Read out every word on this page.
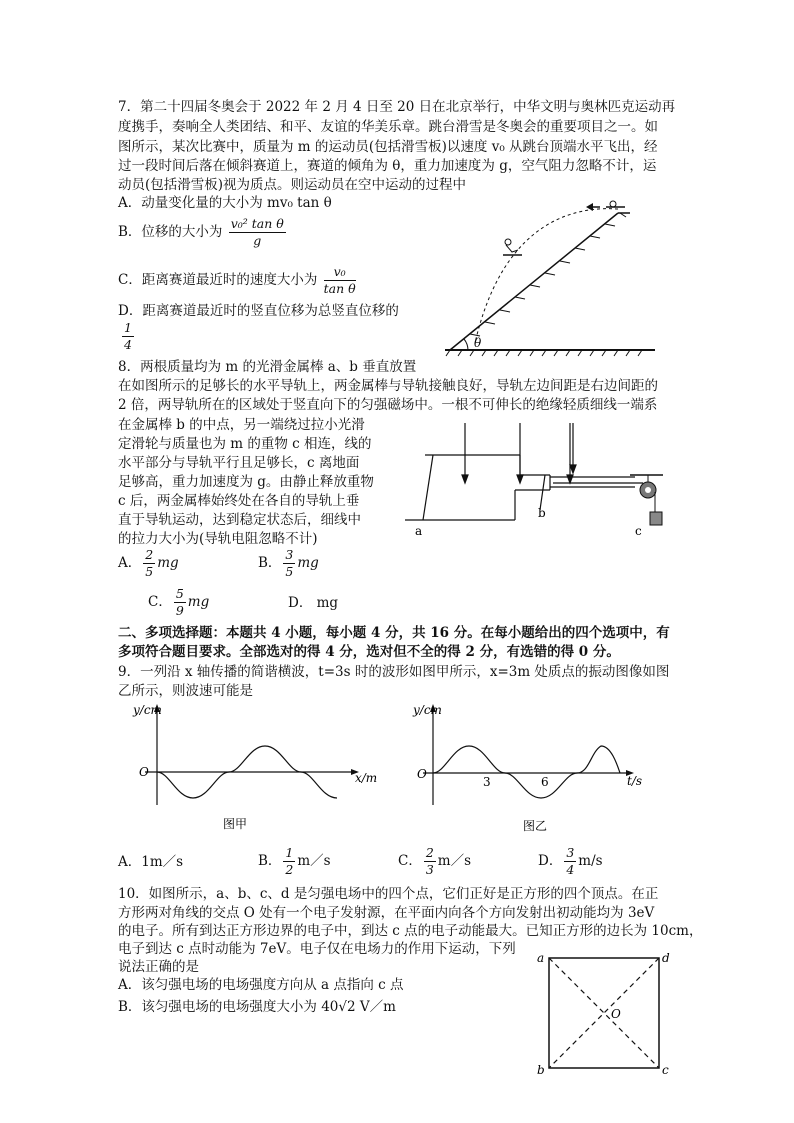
7．第二十四届冬奥会于 2022 年 2 月 4 日至 20 日在北京举行，中华文明与奥林匹克运动再
度携手，奏响全人类团结、和平、友谊的华美乐章。跳台滑雪是冬奥会的重要项目之一。如
图所示，某次比赛中，质量为 m 的运动员(包括滑雪板)以速度 v₀ 从跳台顶端水平飞出，经
过一段时间后落在倾斜赛道上，赛道的倾角为 θ，重力加速度为 g，空气阻力忽略不计，运
动员(包括滑雪板)视为质点。则运动员在空中运动的过程中
A．动量变化量的大小为 mv₀ tan θ
B．位移的大小为 $\frac{\text{v₀² tan θ}}{g}$
C．距离赛道最近时的速度大小为 $\frac{\text{v₀}}{\text{tan θ}}$
D．距离赛道最近时的竖直位移为总竖直位移的
$\frac{1}{4}$	θ
8．两根质量均为 m 的光滑金属棒 a、b 垂直放置
在如图所示的足够长的水平导轨上，两金属棒与导轨接触良好，导轨左边间距是右边间距的
2 倍，两导轨所在的区域处于竖直向下的匀强磁场中。一根不可伸长的绝缘轻质细线一端系
在金属棒 b 的中点，另一端绕过拉小光滑
定滑轮与质量也为 m 的重物 c 相连，线的
水平部分与导轨平行且足够长，c 离地面
足够高，重力加速度为 g。由静止释放重物
c 后，两金属棒始终处在各自的导轨上垂
直于导轨运动，达到稳定状态后，细线中
的拉力大小为(导轨电阻忽略不计)
A． $\frac{2}{5}$ mg	B． $\frac{3}{5}$ mg
C． $\frac{5}{9}$ mg	D． mg
a
b
c
二、多项选择题：本题共 4 小题，每小题 4 分，共 16 分。在每小题给出的四个选项中，有
多项符合题目要求。全部选对的得 4 分，选对但不全的得 2 分，有选错的得 0 分。
9．一列沿 x 轴传播的简谐横波，t=3s 时的波形如图甲所示，x=3m 处质点的振动图像如图
乙所示，则波速可能是
y/cm
x/m
O
图甲
y/cm
t/s
O
3	6
图乙
A．1m／s	B． $\frac{1}{2}$ m／s	C． $\frac{2}{3}$ m／s	D． $\frac{3}{4} m/s$
10．如图所示，a、b、c、d 是匀强电场中的四个点，它们正好是正方形的四个顶点。在正
方形两对角线的交点 O 处有一个电子发射源，在平面内向各个方向发射出初动能均为 3eV
的电子。所有到达正方形边界的电子中，到达 c 点的电子动能最大。已知正方形的边长为 10cm，
电子到达 c 点时动能为 7eV。电子仅在电场力的作用下运动，下列
说法正确的是
A．该匀强电场的电场强度方向从 a 点指向 c 点
B．该匀强电场的电场强度大小为 40√2 V／m
a	d
b	c
O
